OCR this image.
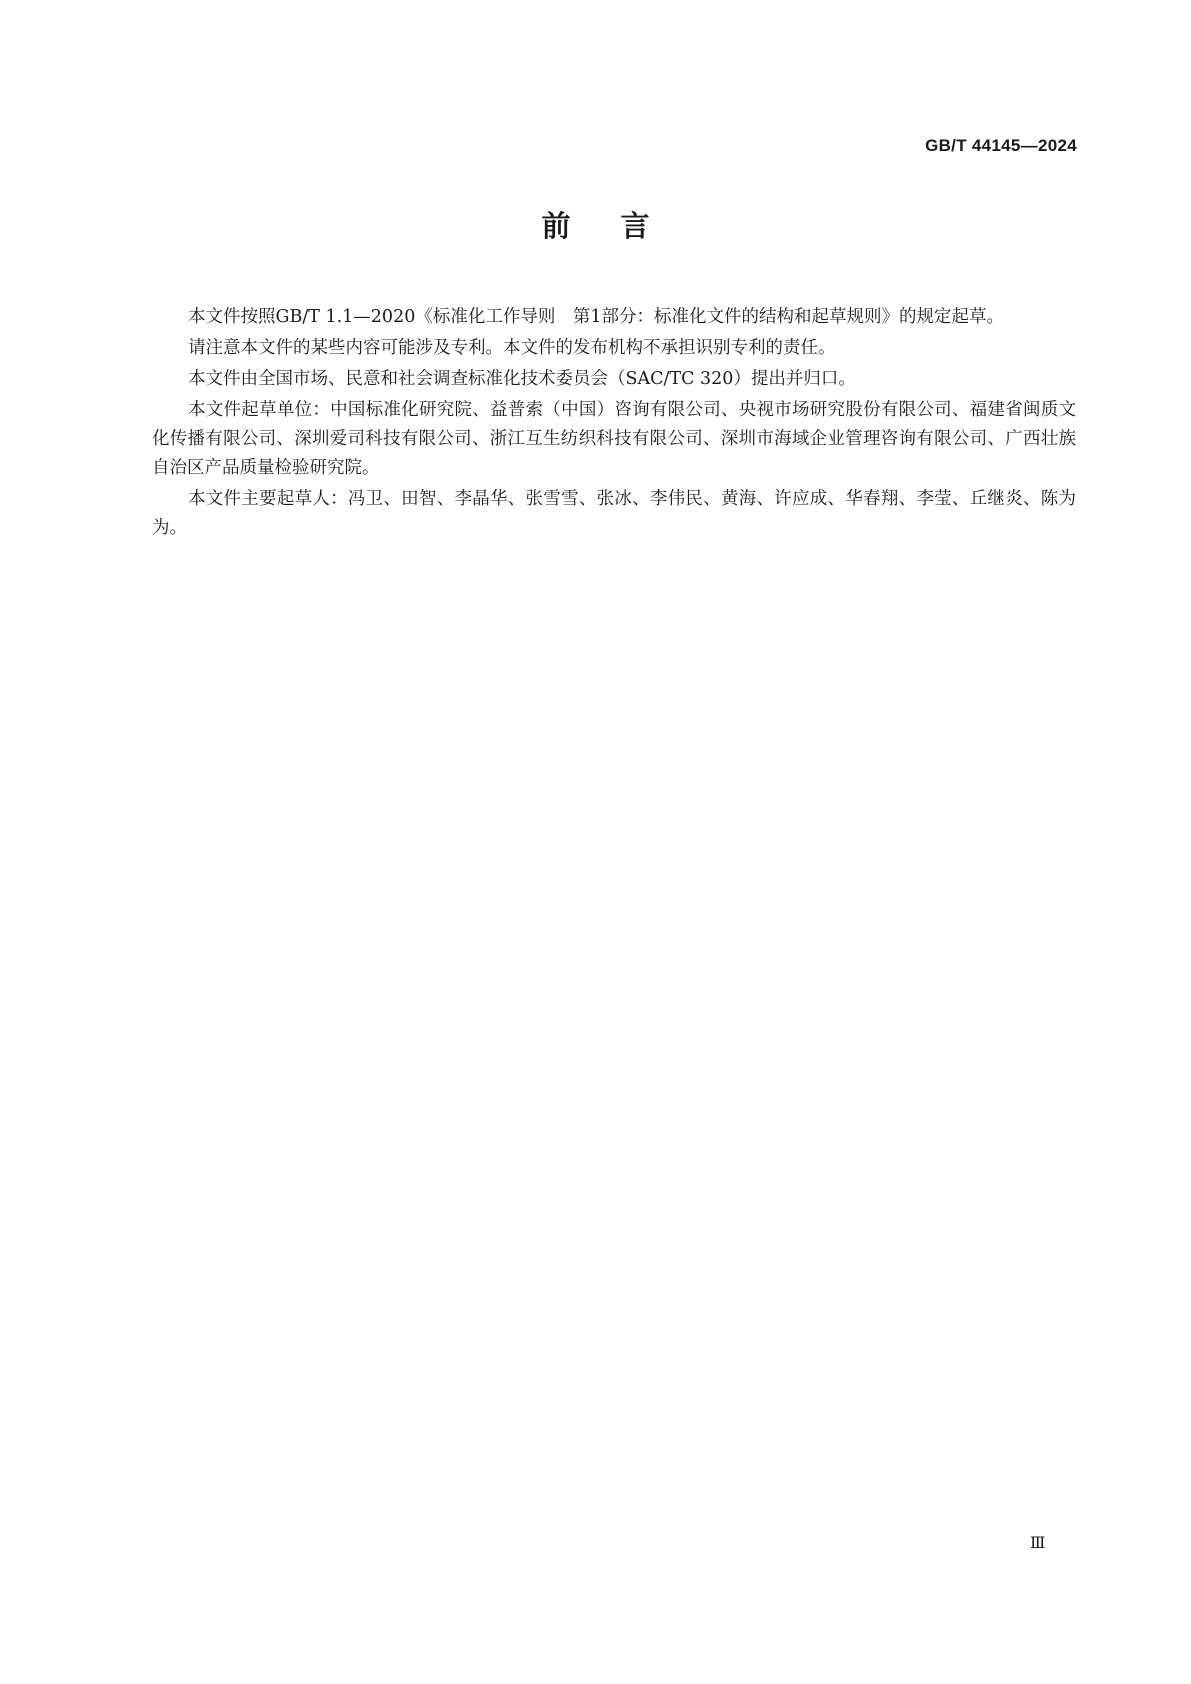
GB/T 44145—2024
前言

本文件按照GB/T 1.1—2020《标准化工作导则　第1部分：标准化文件的结构和起草规则》的规定起草。

请注意本文件的某些内容可能涉及专利。本文件的发布机构不承担识别专利的责任。

本文件由全国市场、民意和社会调查标准化技术委员会（SAC/TC 320）提出并归口。

本文件起草单位：中国标准化研究院、益普索（中国）咨询有限公司、央视市场研究股份有限公司、福建省闽质文化传播有限公司、深圳爱司科技有限公司、浙江互生纺织科技有限公司、深圳市海域企业管理咨询有限公司、广西壮族自治区产品质量检验研究院。

本文件主要起草人：冯卫、田智、李晶华、张雪雪、张冰、李伟民、黄海、许应成、华春翔、李莹、丘继炎、陈为为。

Ⅲ
